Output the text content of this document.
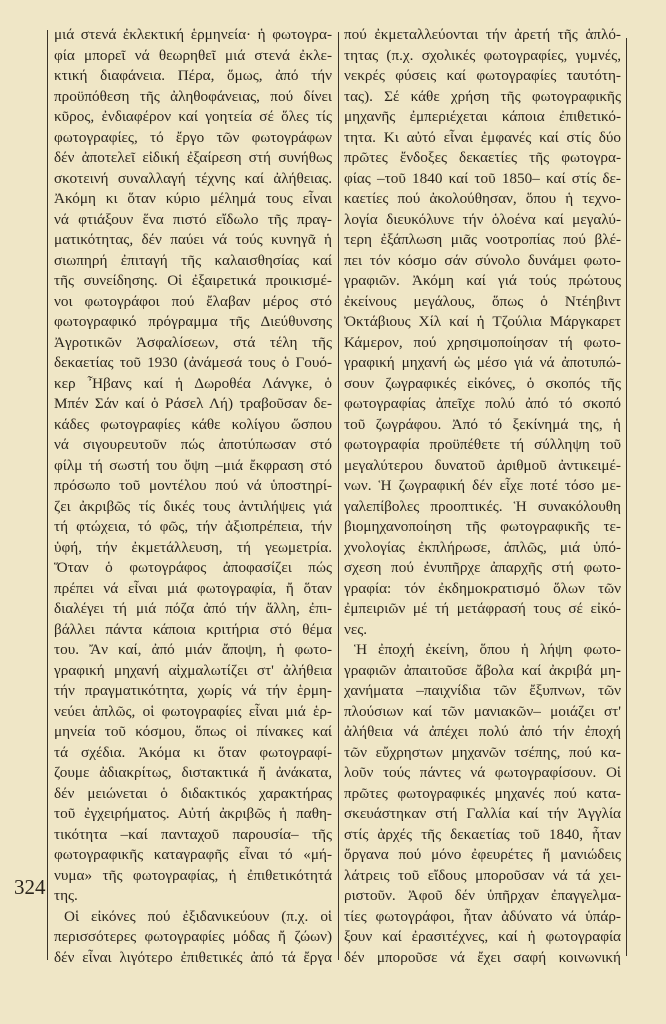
324
μιά στενά ἐκλεκτική ἑρμηνεία· ἡ φωτογρα-
φία μπορεῖ νά θεωρηθεῖ μιά στενά ἐκλε-
κτική διαφάνεια. Πέρα, ὅμως, ἀπό τήν
προϋπόθεση τῆς ἀληθοφάνειας, πού δίνει
κῦρος, ἐνδιαφέρον καί γοητεία σέ ὅλες τίς
φωτογραφίες, τό ἔργο τῶν φωτογράφων
δέν ἀποτελεῖ εἰδική ἐξαίρεση στή συνήθως
σκοτεινή συναλλαγή τέχνης καί ἀλήθειας.
Ἀκόμη κι ὅταν κύριο μέλημά τους εἶναι
νά φτιάξουν ἕνα πιστό εἴδωλο τῆς πραγ-
ματικότητας, δέν παύει νά τούς κυνηγᾶ ἡ
σιωπηρή ἐπιταγή τῆς καλαισθησίας καί
τῆς συνείδησης. Οἱ ἐξαιρετικά προικισμέ-
νοι φωτογράφοι πού ἔλαβαν μέρος στό
φωτογραφικό πρόγραμμα τῆς Διεύθυνσης
Ἀγροτικῶν Ἀσφαλίσεων, στά τέλη τῆς
δεκαετίας τοῦ 1930 (ἀνάμεσά τους ὁ Γουό-
κερ Ἦβανς καί ἡ Δωροθέα Λάνγκε, ὁ
Μπέν Σάν καί ὁ Ράσελ Λή) τραβοῦσαν δε-
κάδες φωτογραφίες κάθε κολίγου ὥσπου
νά σιγουρευτοῦν πώς ἀποτύπωσαν στό
φίλμ τή σωστή του ὄψη –μιά ἔκφραση στό
πρόσωπο τοῦ μοντέλου πού νά ὑποστηρί-
ζει ἀκριβῶς τίς δικές τους ἀντιλήψεις γιά
τή φτώχεια, τό φῶς, τήν ἀξιοπρέπεια, τήν
ὑφή, τήν ἐκμετάλλευση, τή γεωμετρία.
Ὅταν ὁ φωτογράφος ἀποφασίζει πώς
πρέπει νά εἶναι μιά φωτογραφία, ἤ ὅταν
διαλέγει τή μιά πόζα ἀπό τήν ἄλλη, ἐπι-
βάλλει πάντα κάποια κριτήρια στό θέμα
του. Ἄν καί, ἀπό μιάν ἄποψη, ἡ φωτο-
γραφική μηχανή αἰχμαλωτίζει στ' ἀλήθεια
τήν πραγματικότητα, χωρίς νά τήν ἑρμη-
νεύει ἁπλῶς, οἱ φωτογραφίες εἶναι μιά ἑρ-
μηνεία τοῦ κόσμου, ὅπως οἱ πίνακες καί
τά σχέδια. Ἀκόμα κι ὅταν φωτογραφί-
ζουμε ἀδιακρίτως, διστακτικά ἤ ἀνάκατα,
δέν μειώνεται ὁ διδακτικός χαρακτήρας
τοῦ ἐγχειρήματος. Αὐτή ἀκριβῶς ἡ παθη-
τικότητα –καί πανταχοῦ παρουσία– τῆς
φωτογραφικῆς καταγραφῆς εἶναι τό «μή-
νυμα» τῆς φωτογραφίας, ἡ ἐπιθετικότητά
της.
Οἱ εἰκόνες πού ἐξιδανικεύουν (π.χ. οἱ
περισσότερες φωτογραφίες μόδας ἤ ζώων)
δέν εἶναι λιγότερο ἐπιθετικές ἀπό τά ἔργα
πού ἐκμεταλλεύονται τήν ἀρετή τῆς ἁπλό-
τητας (π.χ. σχολικές φωτογραφίες, γυμνές,
νεκρές φύσεις καί φωτογραφίες ταυτότη-
τας). Σέ κάθε χρήση τῆς φωτογραφικῆς
μηχανῆς ἐμπεριέχεται κάποια ἐπιθετικό-
τητα. Κι αὐτό εἶναι ἐμφανές καί στίς δύο
πρῶτες ἔνδοξες δεκαετίες τῆς φωτογρα-
φίας –τοῦ 1840 καί τοῦ 1850– καί στίς δε-
καετίες πού ἀκολούθησαν, ὅπου ἡ τεχνο-
λογία διευκόλυνε τήν ὁλοένα καί μεγαλύ-
τερη ἐξάπλωση μιᾶς νοοτροπίας πού βλέ-
πει τόν κόσμο σάν σύνολο δυνάμει φωτο-
γραφιῶν. Ἀκόμη καί γιά τούς πρώτους
ἐκείνους μεγάλους, ὅπως ὁ Ντέηβιντ
Ὀκτάβιους Χίλ καί ἡ Τζούλια Μάργκαρετ
Κάμερον, πού χρησιμοποίησαν τή φωτο-
γραφική μηχανή ὡς μέσο γιά νά ἀποτυπώ-
σουν ζωγραφικές εἰκόνες, ὁ σκοπός τῆς
φωτογραφίας ἀπεῖχε πολύ ἀπό τό σκοπό
τοῦ ζωγράφου. Ἀπό τό ξεκίνημά της, ἡ
φωτογραφία προϋπέθετε τή σύλληψη τοῦ
μεγαλύτερου δυνατοῦ ἀριθμοῦ ἀντικειμέ-
νων. Ἡ ζωγραφική δέν εἶχε ποτέ τόσο με-
γαλεπίβολες προοπτικές. Ἡ συνακόλουθη
βιομηχανοποίηση τῆς φωτογραφικῆς τε-
χνολογίας ἐκπλήρωσε, ἁπλῶς, μιά ὑπό-
σχεση πού ἐνυπῆρχε ἀπαρχῆς στή φωτο-
γραφία: τόν ἐκδημοκρατισμό ὅλων τῶν
ἐμπειριῶν μέ τή μετάφρασή τους σέ εἰκό-
νες.
Ἡ ἐποχή ἐκείνη, ὅπου ἡ λήψη φωτο-
γραφιῶν ἀπαιτοῦσε ἄβολα καί ἀκριβά μη-
χανήματα –παιχνίδια τῶν ἔξυπνων, τῶν
πλούσιων καί τῶν μανιακῶν– μοιάζει στ'
ἀλήθεια νά ἀπέχει πολύ ἀπό τήν ἐποχή
τῶν εὔχρηστων μηχανῶν τσέπης, πού κα-
λοῦν τούς πάντες νά φωτογραφίσουν. Οἱ
πρῶτες φωτογραφικές μηχανές πού κατα-
σκευάστηκαν στή Γαλλία καί τήν Ἀγγλία
στίς ἀρχές τῆς δεκαετίας τοῦ 1840, ἦταν
ὄργανα πού μόνο ἐφευρέτες ἤ μανιώδεις
λάτρεις τοῦ εἴδους μποροῦσαν νά τά χει-
ριστοῦν. Ἀφοῦ δέν ὑπῆρχαν ἐπαγγελμα-
τίες φωτογράφοι, ἦταν ἀδύνατο νά ὑπάρ-
ξουν καί ἐρασιτέχνες, καί ἡ φωτογραφία
δέν μποροῦσε νά ἔχει σαφή κοινωνική
